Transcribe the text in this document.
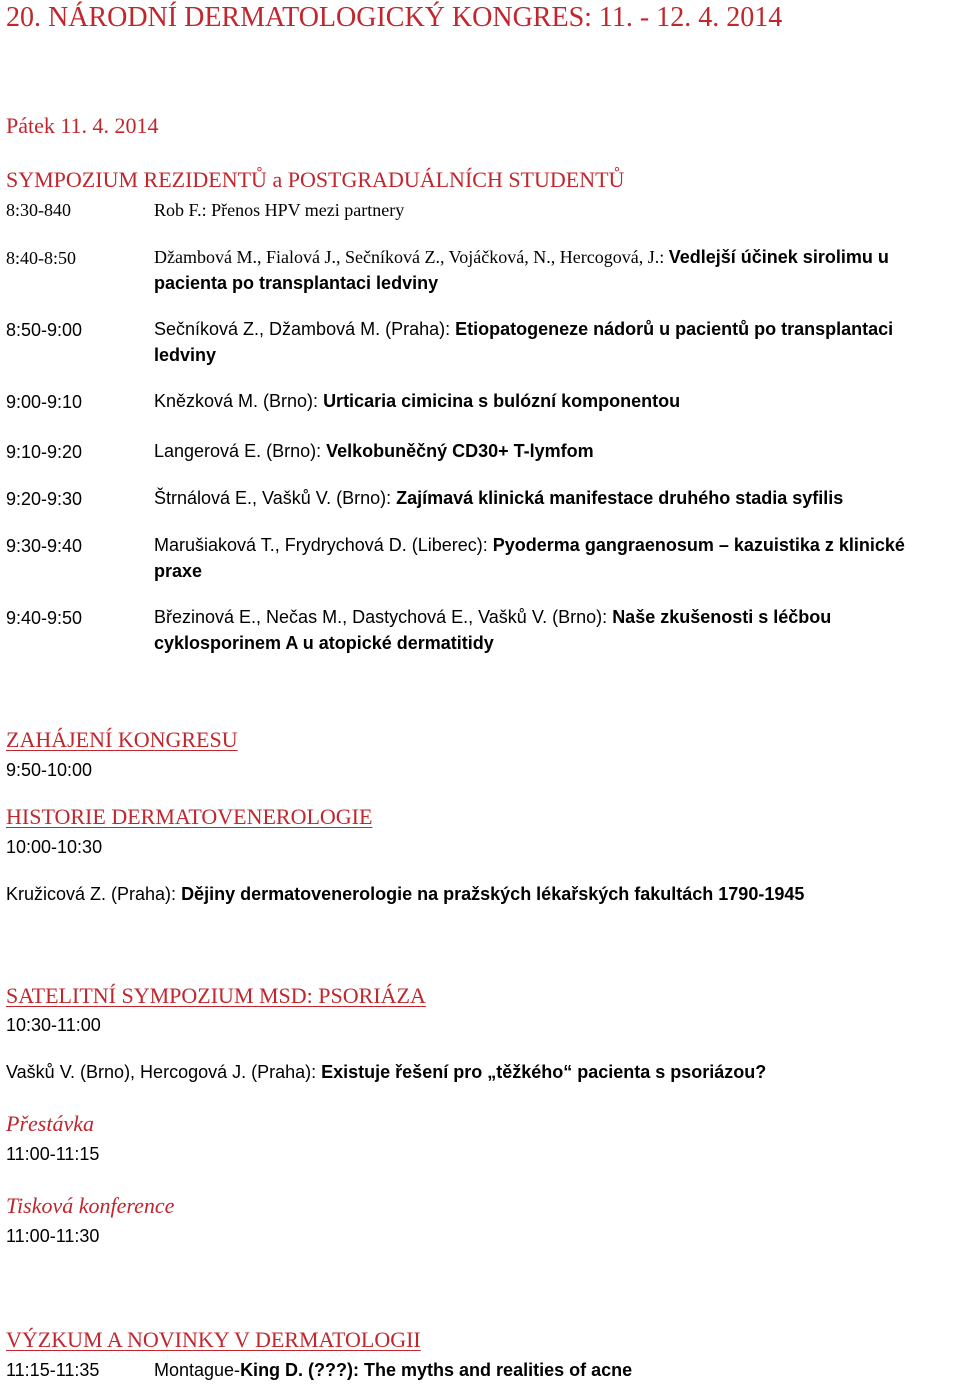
20. NÁRODNÍ DERMATOLOGICKÝ KONGRES: 11. - 12. 4. 2014
Pátek 11. 4. 2014
SYMPOZIUM REZIDENTŮ a POSTGRADUÁLNÍCH STUDENTŮ
8:30-840	Rob F.: Přenos HPV mezi partnery
8:40-8:50	Džambová M., Fialová J., Sečníková Z., Vojáčková, N., Hercogová, J.: Vedlejší účinek sirolimu u pacienta po transplantaci ledviny
8:50-9:00	Sečníková Z., Džambová M. (Praha): Etiopatogeneze nádorů u pacientů po transplantaci ledviny
9:00-9:10	Knězková M. (Brno): Urticaria cimicina s bulózní komponentou
9:10-9:20	Langerová E. (Brno): Velkobuněčný CD30+ T-lymfom
9:20-9:30	Štrnálová E., Vašků V. (Brno): Zajímavá klinická manifestace druhého stadia syfilis
9:30-9:40	Marušiaková T., Frydrychová D. (Liberec): Pyoderma gangraenosum – kazuistika z klinické praxe
9:40-9:50	Březinová E., Nečas M., Dastychová E., Vašků V. (Brno): Naše zkušenosti s léčbou cyklosporinem A u atopické dermatitidy
ZAHÁJENÍ KONGRESU
9:50-10:00
HISTORIE DERMATOVENEROLOGIE
10:00-10:30
Kružicová Z. (Praha): Dějiny dermatovenerologie na pražských lékařských fakultách 1790-1945
SATELITNÍ SYMPOZIUM MSD: PSORIÁZA
10:30-11:00
Vašků V. (Brno), Hercogová J. (Praha): Existuje řešení pro „těžkého“ pacienta s psoriázou?
Přestávka
11:00-11:15
Tisková konference
11:00-11:30
VÝZKUM A NOVINKY V DERMATOLOGII
11:15-11:35	Montague-King D. (???): The myths and realities of acne
